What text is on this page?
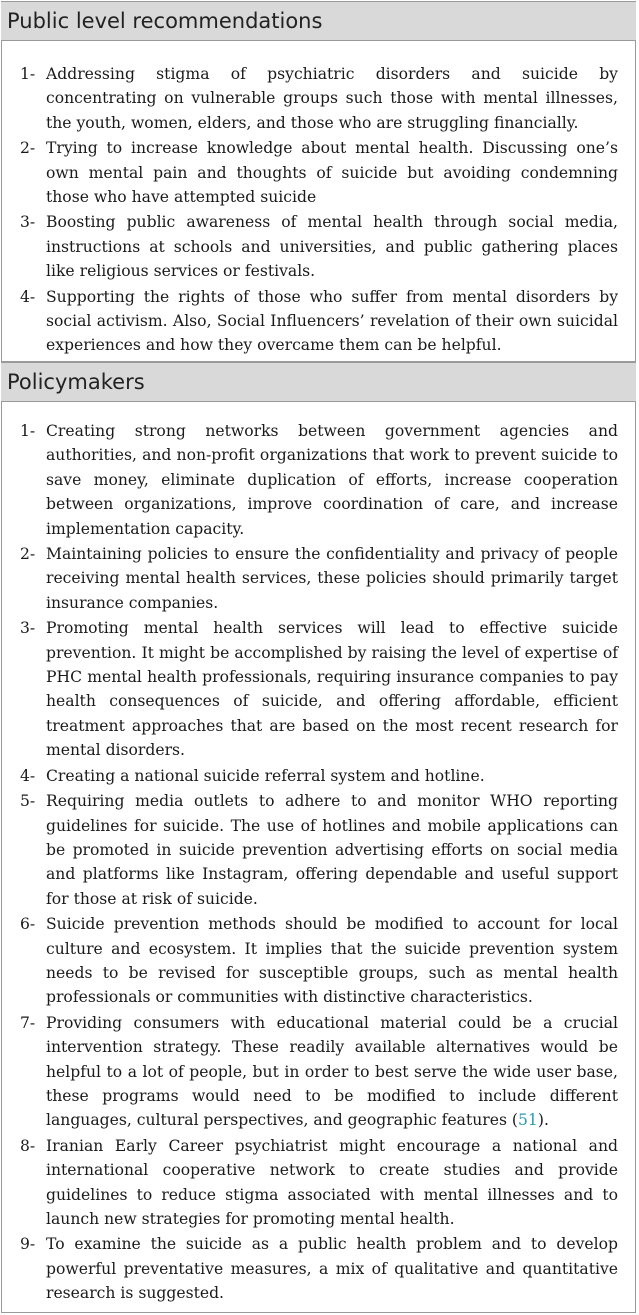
Public level recommendations
1- Addressing stigma of psychiatric disorders and suicide by concentrating on vulnerable groups such those with mental illnesses, the youth, women, elders, and those who are struggling financially.
2- Trying to increase knowledge about mental health. Discussing one’s own mental pain and thoughts of suicide but avoiding condemning those who have attempted suicide
3- Boosting public awareness of mental health through social media, instructions at schools and universities, and public gathering places like religious services or festivals.
4- Supporting the rights of those who suffer from mental disorders by social activism. Also, Social Influencers’ revelation of their own suicidal experiences and how they overcame them can be helpful.
Policymakers
1- Creating strong networks between government agencies and authorities, and non-profit organizations that work to prevent suicide to save money, eliminate duplication of efforts, increase cooperation between organizations, improve coordination of care, and increase implementation capacity.
2- Maintaining policies to ensure the confidentiality and privacy of people receiving mental health services, these policies should primarily target insurance companies.
3- Promoting mental health services will lead to effective suicide prevention. It might be accomplished by raising the level of expertise of PHC mental health professionals, requiring insurance companies to pay health consequences of suicide, and offering affordable, efficient treatment approaches that are based on the most recent research for mental disorders.
4- Creating a national suicide referral system and hotline.
5- Requiring media outlets to adhere to and monitor WHO reporting guidelines for suicide. The use of hotlines and mobile applications can be promoted in suicide prevention advertising efforts on social media and platforms like Instagram, offering dependable and useful support for those at risk of suicide.
6- Suicide prevention methods should be modified to account for local culture and ecosystem. It implies that the suicide prevention system needs to be revised for susceptible groups, such as mental health professionals or communities with distinctive characteristics.
7- Providing consumers with educational material could be a crucial intervention strategy. These readily available alternatives would be helpful to a lot of people, but in order to best serve the wide user base, these programs would need to be modified to include different languages, cultural perspectives, and geographic features (51).
8- Iranian Early Career psychiatrist might encourage a national and international cooperative network to create studies and provide guidelines to reduce stigma associated with mental illnesses and to launch new strategies for promoting mental health.
9- To examine the suicide as a public health problem and to develop powerful preventative measures, a mix of qualitative and quantitative research is suggested.
